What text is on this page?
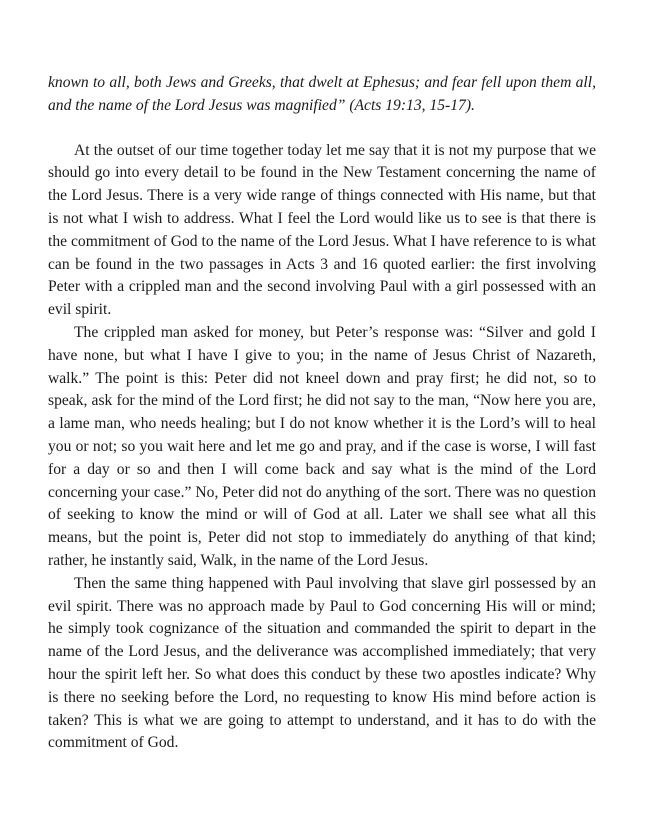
known to all, both Jews and Greeks, that dwelt at Ephesus; and fear fell upon them all, and the name of the Lord Jesus was magnified” (Acts 19:13, 15-17).

At the outset of our time together today let me say that it is not my purpose that we should go into every detail to be found in the New Testament concerning the name of the Lord Jesus. There is a very wide range of things connected with His name, but that is not what I wish to address. What I feel the Lord would like us to see is that there is the commitment of God to the name of the Lord Jesus. What I have reference to is what can be found in the two passages in Acts 3 and 16 quoted earlier: the first involving Peter with a crippled man and the second involving Paul with a girl possessed with an evil spirit.

The crippled man asked for money, but Peter’s response was: “Silver and gold I have none, but what I have I give to you; in the name of Jesus Christ of Nazareth, walk.” The point is this: Peter did not kneel down and pray first; he did not, so to speak, ask for the mind of the Lord first; he did not say to the man, “Now here you are, a lame man, who needs healing; but I do not know whether it is the Lord’s will to heal you or not; so you wait here and let me go and pray, and if the case is worse, I will fast for a day or so and then I will come back and say what is the mind of the Lord concerning your case.” No, Peter did not do anything of the sort. There was no question of seeking to know the mind or will of God at all. Later we shall see what all this means, but the point is, Peter did not stop to immediately do anything of that kind; rather, he instantly said, Walk, in the name of the Lord Jesus.

Then the same thing happened with Paul involving that slave girl possessed by an evil spirit. There was no approach made by Paul to God concerning His will or mind; he simply took cognizance of the situation and commanded the spirit to depart in the name of the Lord Jesus, and the deliverance was accomplished immediately; that very hour the spirit left her. So what does this conduct by these two apostles indicate? Why is there no seeking before the Lord, no requesting to know His mind before action is taken? This is what we are going to attempt to understand, and it has to do with the commitment of God.
